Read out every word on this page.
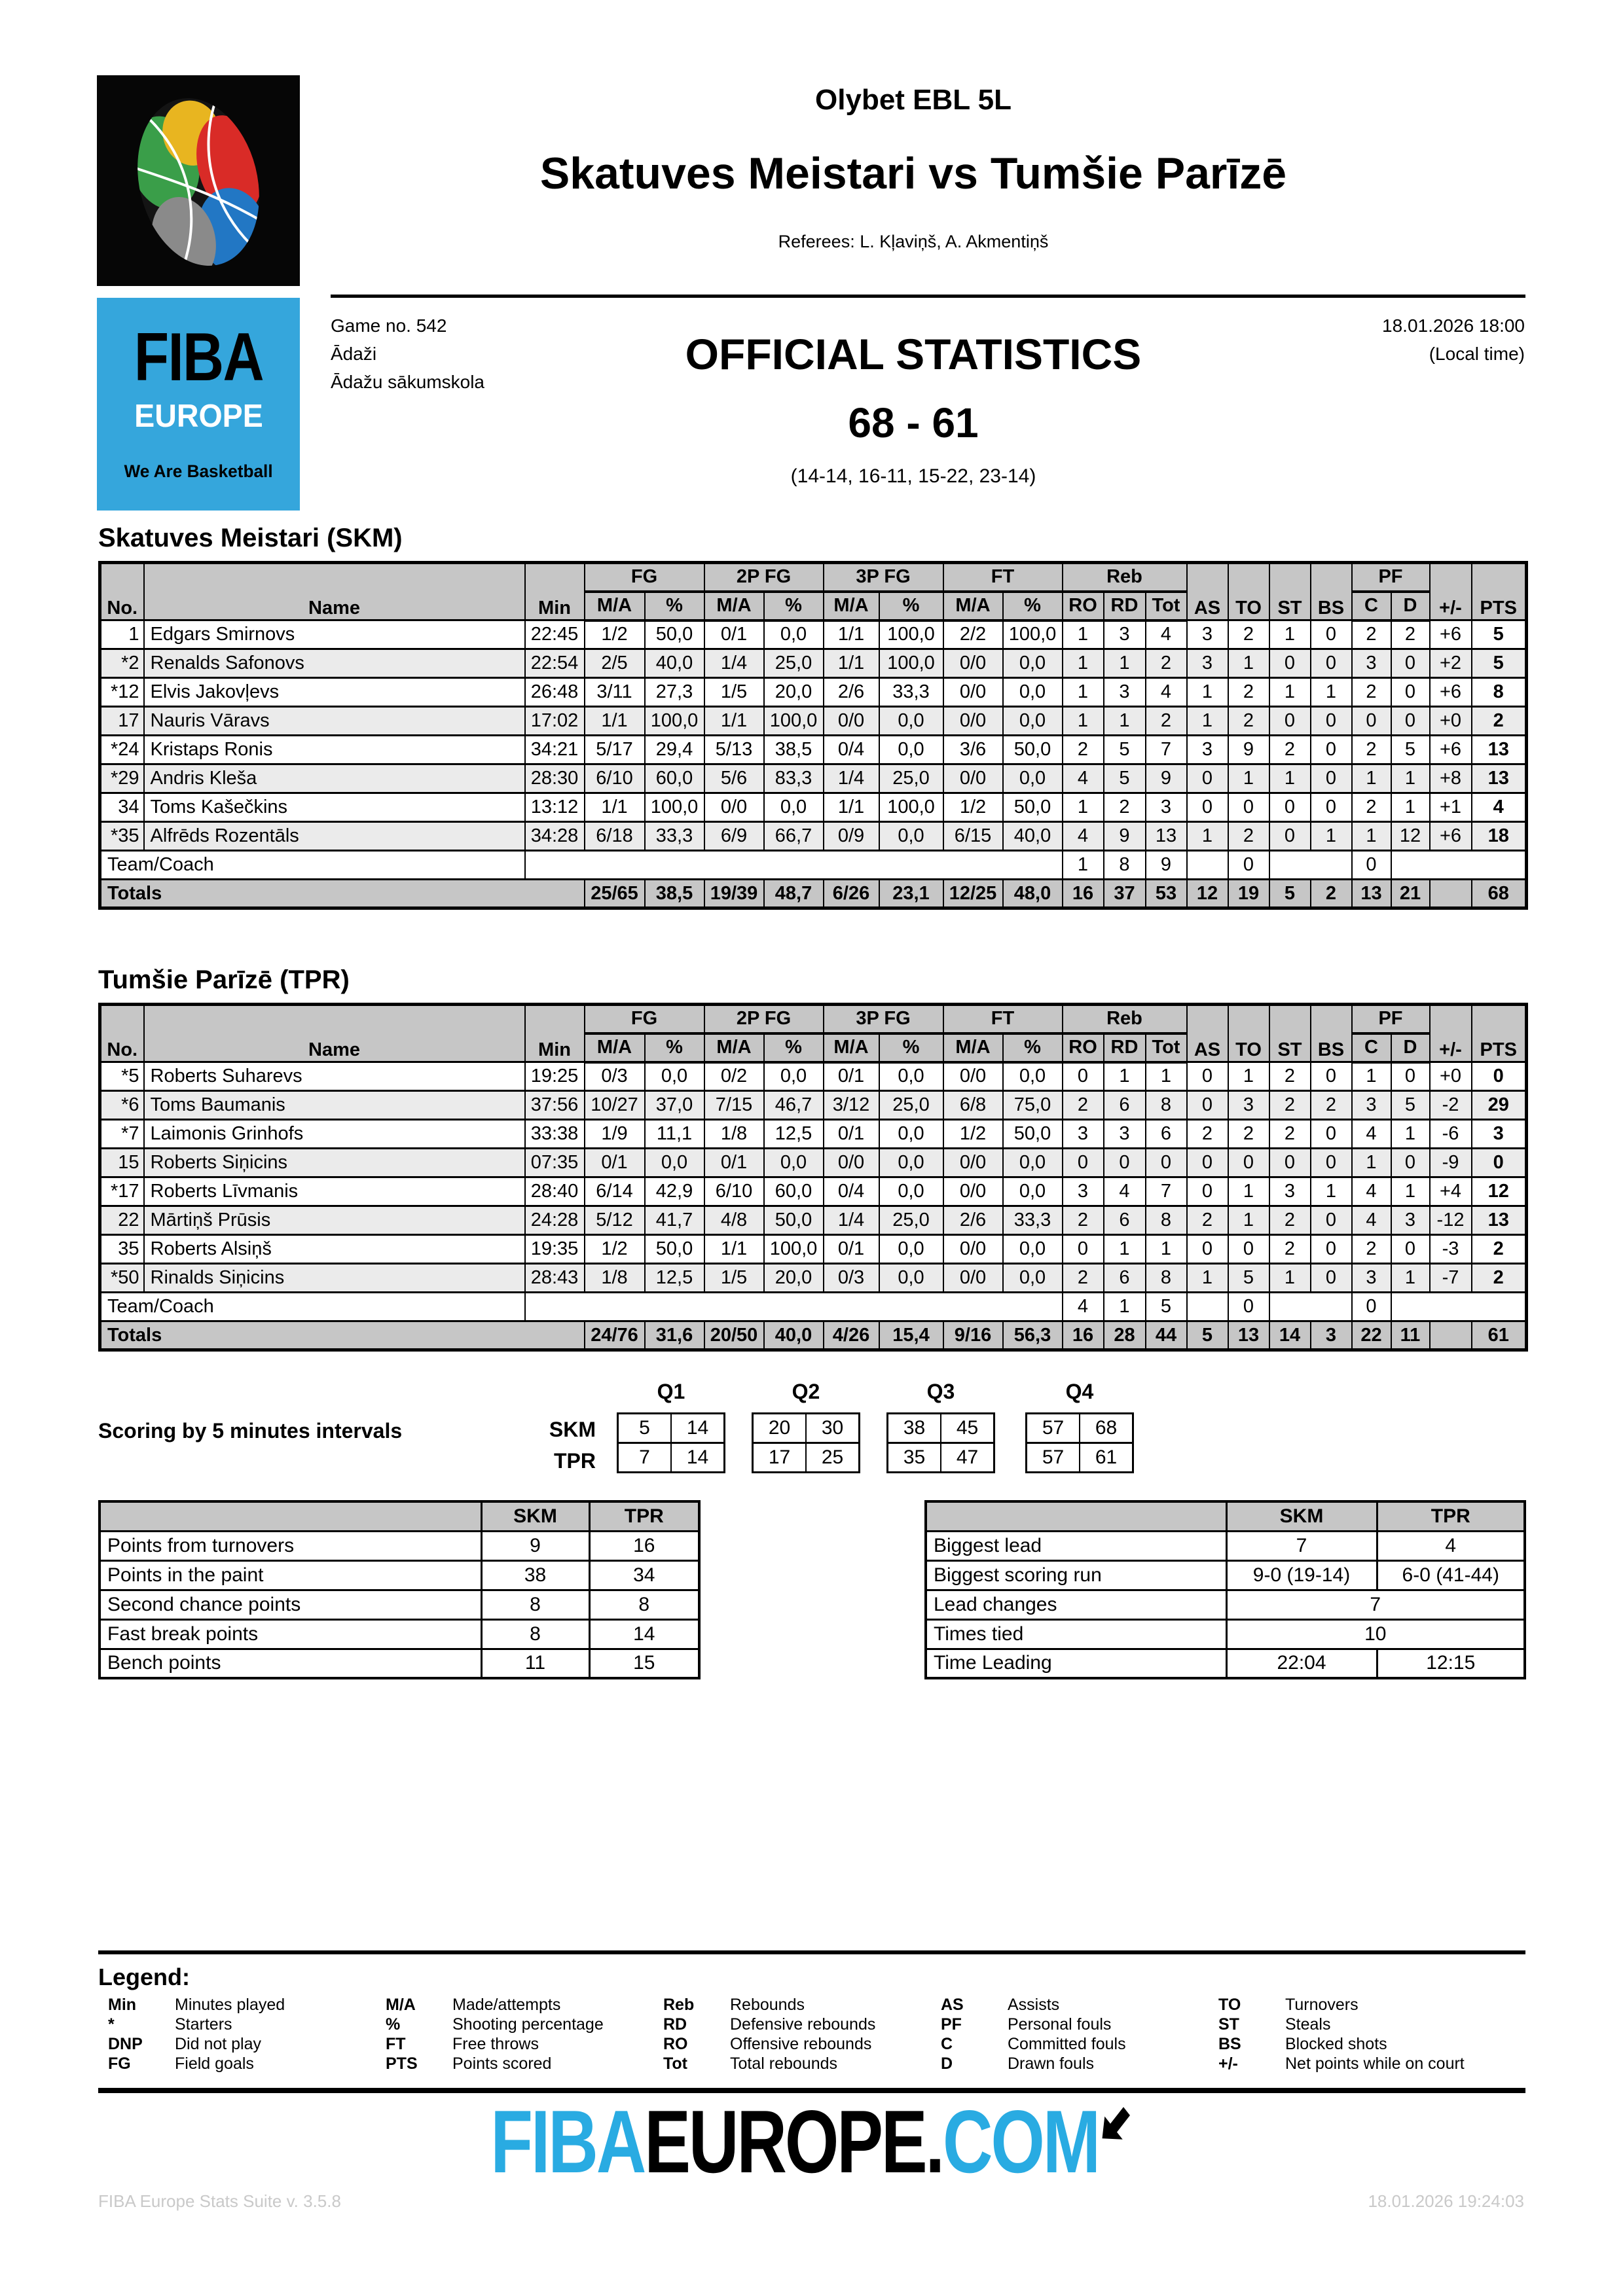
FIBA
EUROPE
We Are Basketball
Olybet EBL 5L
Skatuves Meistari vs Tumšie Parīzē
Referees: L. Kļaviņš, A. Akmentiņš
Game no. 542
Ādaži
Ādažu sākumskola
18.01.2026 18:00
(Local time)
OFFICIAL STATISTICS
68 - 61
(14-14, 16-11, 15-22, 23-14)
Skatuves Meistari (SKM)
No.	Name	Min	FG		2P FG		3P FG		FT		Reb			AS	TO	ST	BS	PF		+/-	PTS
			M/A	%	M/A	%	M/A	%	M/A	%	RO	RD	Tot					C	D		
1	Edgars Smirnovs	22:45	1/2	50,0	0/1	0,0	1/1	100,0	2/2	100,0	1	3	4	3	2	1	0	2	2	+6	5
*2	Renalds Safonovs	22:54	2/5	40,0	1/4	25,0	1/1	100,0	0/0	0,0	1	1	2	3	1	0	0	3	0	+2	5
*12	Elvis Jakovļevs	26:48	3/11	27,3	1/5	20,0	2/6	33,3	0/0	0,0	1	3	4	1	2	1	1	2	0	+6	8
17	Nauris Vāravs	17:02	1/1	100,0	1/1	100,0	0/0	0,0	0/0	0,0	1	1	2	1	2	0	0	0	0	+0	2
*24	Kristaps Ronis	34:21	5/17	29,4	5/13	38,5	0/4	0,0	3/6	50,0	2	5	7	3	9	2	0	2	5	+6	13
*29	Andris Kleša	28:30	6/10	60,0	5/6	83,3	1/4	25,0	0/0	0,0	4	5	9	0	1	1	0	1	1	+8	13
34	Toms Kašečkins	13:12	1/1	100,0	0/0	0,0	1/1	100,0	1/2	50,0	1	2	3	0	0	0	0	2	1	+1	4
*35	Alfrēds Rozentāls	34:28	6/18	33,3	6/9	66,7	0/9	0,0	6/15	40,0	4	9	13	1	2	0	1	1	12	+6	18
Team/Coach											1	8	9		0			0			
Totals			25/65	38,5	19/39	48,7	6/26	23,1	12/25	48,0	16	37	53	12	19	5	2	13	21		68
Tumšie Parīzē (TPR)
No.	Name	Min	FG		2P FG		3P FG		FT		Reb			AS	TO	ST	BS	PF		+/-	PTS
			M/A	%	M/A	%	M/A	%	M/A	%	RO	RD	Tot					C	D		
*5	Roberts Suharevs	19:25	0/3	0,0	0/2	0,0	0/1	0,0	0/0	0,0	0	1	1	0	1	2	0	1	0	+0	0
*6	Toms Baumanis	37:56	10/27	37,0	7/15	46,7	3/12	25,0	6/8	75,0	2	6	8	0	3	2	2	3	5	-2	29
*7	Laimonis Grinhofs	33:38	1/9	11,1	1/8	12,5	0/1	0,0	1/2	50,0	3	3	6	2	2	2	0	4	1	-6	3
15	Roberts Siņicins	07:35	0/1	0,0	0/1	0,0	0/0	0,0	0/0	0,0	0	0	0	0	0	0	0	1	0	-9	0
*17	Roberts Līvmanis	28:40	6/14	42,9	6/10	60,0	0/4	0,0	0/0	0,0	3	4	7	0	1	3	1	4	1	+4	12
22	Mārtiņš Prūsis	24:28	5/12	41,7	4/8	50,0	1/4	25,0	2/6	33,3	2	6	8	2	1	2	0	4	3	-12	13
35	Roberts Alsiņš	19:35	1/2	50,0	1/1	100,0	0/1	0,0	0/0	0,0	0	1	1	0	0	2	0	2	0	-3	2
*50	Rinalds Siņicins	28:43	1/8	12,5	1/5	20,0	0/3	0,0	0/0	0,0	2	6	8	1	5	1	0	3	1	-7	2
Team/Coach											4	1	5		0			0			
Totals			24/76	31,6	20/50	40,0	4/26	15,4	9/16	56,3	16	28	44	5	13	14	3	22	11		61
Scoring by 5 minutes intervals	SKM
TPR
Q1
5	14
7	14
Q2
20	30
17	25
Q3
38	45
35	47
Q4
57	68
57	61
	SKM	TPR
Points from turnovers	9	16
Points in the paint	38	34
Second chance points	8	8
Fast break points	8	14
Bench points	11	15
	SKM	TPR
Biggest lead	7	4
Biggest scoring run	9-0 (19-14)	6-0 (41-44)
Lead changes	7	
Times tied	10	
Time Leading	22:04	12:15
Legend:
Min	Minutes played
*	Starters
DNP	Did not play
FG	Field goals
M/A	Made/attempts
%	Shooting percentage
FT	Free throws
PTS	Points scored
Reb	Rebounds
RD	Defensive rebounds
RO	Offensive rebounds
Tot	Total rebounds
AS	Assists
PF	Personal fouls
C	Committed fouls
D	Drawn fouls
TO	Turnovers
ST	Steals
BS	Blocked shots
+/-	Net points while on court
FIBAEUROPE.COM
FIBA Europe Stats Suite v. 3.5.8	18.01.2026 19:24:03
